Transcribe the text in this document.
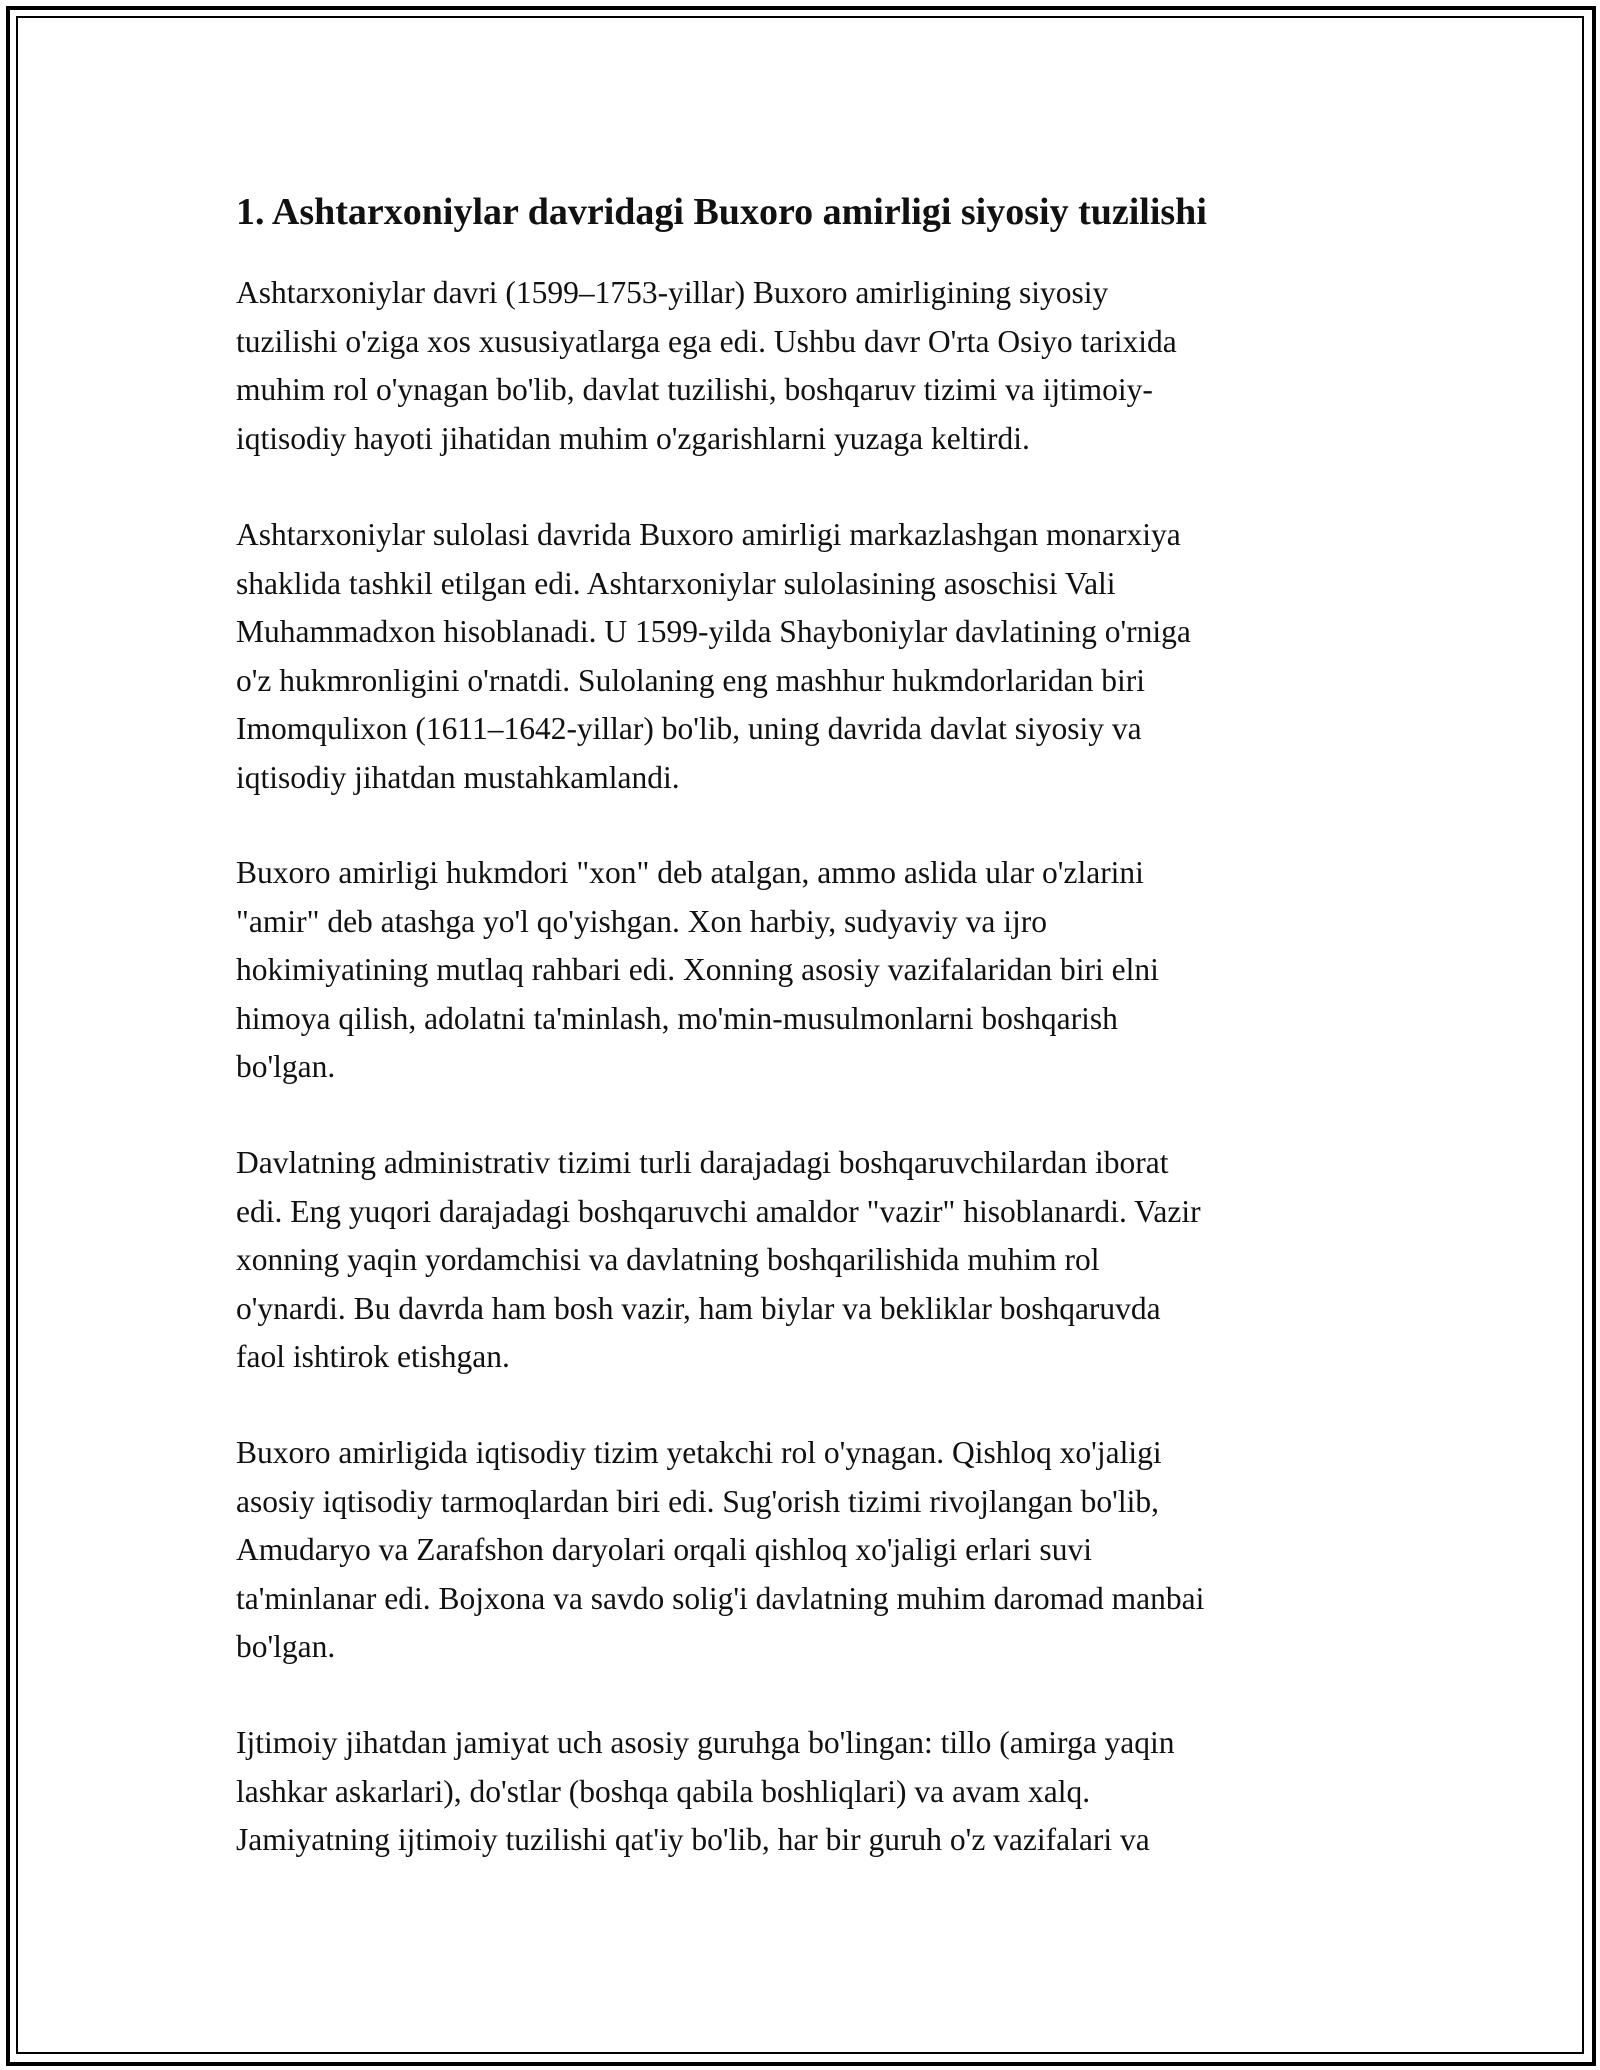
1. Ashtarxoniylar davridagi Buxoro amirligi siyosiy tuzilishi

Ashtarxoniylar davri (1599–1753-yillar) Buxoro amirligining siyosiy
tuzilishi o'ziga xos xususiyatlarga ega edi. Ushbu davr O'rta Osiyo tarixida
muhim rol o'ynagan bo'lib, davlat tuzilishi, boshqaruv tizimi va ijtimoiy-
iqtisodiy hayoti jihatidan muhim o'zgarishlarni yuzaga keltirdi.

Ashtarxoniylar sulolasi davrida Buxoro amirligi markazlashgan monarxiya
shaklida tashkil etilgan edi. Ashtarxoniylar sulolasining asoschisi Vali
Muhammadxon hisoblanadi. U 1599-yilda Shayboniylar davlatining o'rniga
o'z hukmronligini o'rnatdi. Sulolaning eng mashhur hukmdorlaridan biri
Imomqulixon (1611–1642-yillar) bo'lib, uning davrida davlat siyosiy va
iqtisodiy jihatdan mustahkamlandi.

Buxoro amirligi hukmdori "xon" deb atalgan, ammo aslida ular o'zlarini
"amir" deb atashga yo'l qo'yishgan. Xon harbiy, sudyaviy va ijro
hokimiyatining mutlaq rahbari edi. Xonning asosiy vazifalaridan biri elni
himoya qilish, adolatni ta'minlash, mo'min-musulmonlarni boshqarish
bo'lgan.

Davlatning administrativ tizimi turli darajadagi boshqaruvchilardan iborat
edi. Eng yuqori darajadagi boshqaruvchi amaldor "vazir" hisoblanardi. Vazir
xonning yaqin yordamchisi va davlatning boshqarilishida muhim rol
o'ynardi. Bu davrda ham bosh vazir, ham biylar va bekliklar boshqaruvda
faol ishtirok etishgan.

Buxoro amirligida iqtisodiy tizim yetakchi rol o'ynagan. Qishloq xo'jaligi
asosiy iqtisodiy tarmoqlardan biri edi. Sug'orish tizimi rivojlangan bo'lib,
Amudaryo va Zarafshon daryolari orqali qishloq xo'jaligi erlari suvi
ta'minlanar edi. Bojxona va savdo solig'i davlatning muhim daromad manbai
bo'lgan.

Ijtimoiy jihatdan jamiyat uch asosiy guruhga bo'lingan: tillo (amirga yaqin
lashkar askarlari), do'stlar (boshqa qabila boshliqlari) va avam xalq.
Jamiyatning ijtimoiy tuzilishi qat'iy bo'lib, har bir guruh o'z vazifalari va
